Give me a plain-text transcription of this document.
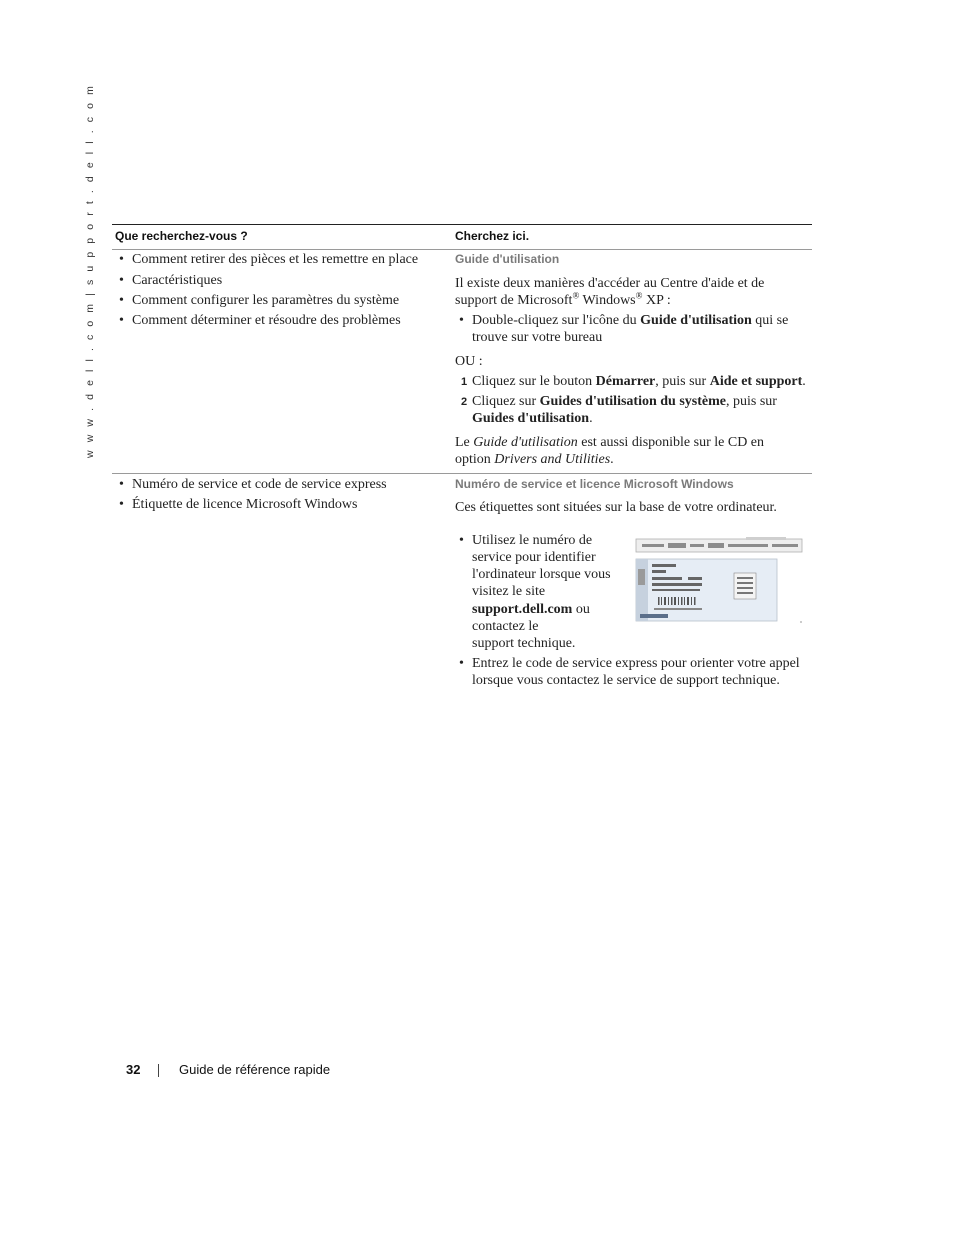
w w w . d e l l . c o m | s u p p o r t . d e l l . c o m Que recherchez-vous ?	Cherchez ici.
• Comment retirer des pièces et les remettre en place
• Caractéristiques
• Comment configurer les paramètres du système
• Comment déterminer et résoudre des problèmes
Guide d'utilisation
Il existe deux manières d'accéder au Centre d'aide et de
support de Microsoft® Windows® XP :
• Double-cliquez sur l'icône du Guide d'utilisation qui se
trouve sur votre bureau
OU :
1 Cliquez sur le bouton Démarrer, puis sur Aide et support.
2 Cliquez sur Guides d'utilisation du système, puis sur
Guides d'utilisation.
Le Guide d'utilisation est aussi disponible sur le CD en
option Drivers and Utilities.
• Numéro de service et code de service express
• Étiquette de licence Microsoft Windows
Numéro de service et licence Microsoft Windows
Ces étiquettes sont situées sur la base de votre ordinateur.
• Utilisez le numéro de
service pour identifier
l'ordinateur lorsque vous
visitez le site
support.dell.com ou
contactez le
support technique.
• Entrez le code de service express pour orienter votre appel
lorsque vous contactez le service de support technique.
32	Guide de référence rapide
